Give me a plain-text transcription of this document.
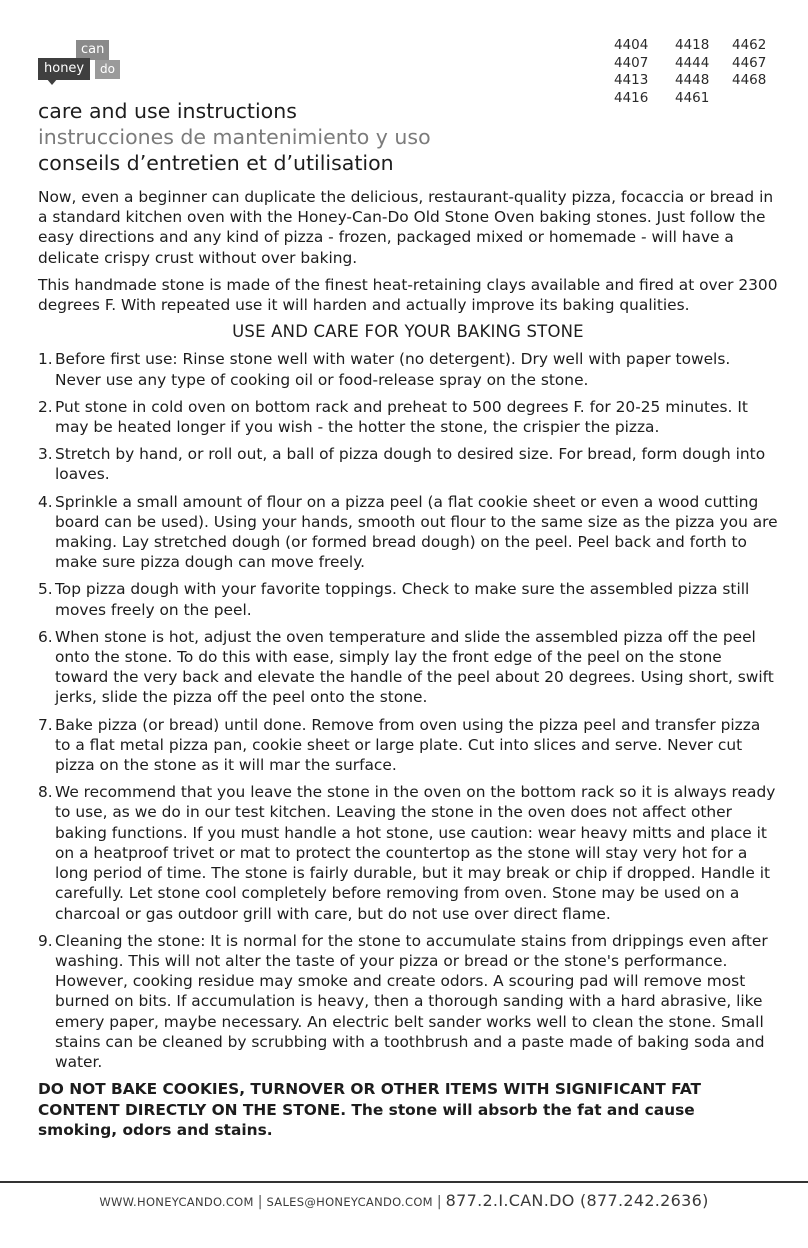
can
honey	do
4404	4418	4462
4407	4444	4467
4413	4448	4468
4416	4461
care and use instructions
instrucciones de mantenimiento y uso
conseils d’entretien et d’utilisation

Now, even a beginner can duplicate the delicious, restaurant-quality pizza, focaccia or bread in a standard kitchen oven with the Honey-Can-Do Old Stone Oven baking stones. Just follow the easy directions and any kind of pizza - frozen, packaged mixed or homemade - will have a delicate crispy crust without over baking.

This handmade stone is made of the finest heat-retaining clays available and fired at over 2300 degrees F. With repeated use it will harden and actually improve its baking qualities.

USE AND CARE FOR YOUR BAKING STONE
1. Before first use: Rinse stone well with water (no detergent). Dry well with paper towels. Never use any type of cooking oil or food-release spray on the stone.
2. Put stone in cold oven on bottom rack and preheat to 500 degrees F. for 20-25 minutes. It may be heated longer if you wish - the hotter the stone, the crispier the pizza.
3. Stretch by hand, or roll out, a ball of pizza dough to desired size. For bread, form dough into loaves.
4. Sprinkle a small amount of flour on a pizza peel (a flat cookie sheet or even a wood cutting board can be used). Using your hands, smooth out flour to the same size as the pizza you are making. Lay stretched dough (or formed bread dough) on the peel. Peel back and forth to make sure pizza dough can move freely.
5. Top pizza dough with your favorite toppings. Check to make sure the assembled pizza still moves freely on the peel.
6. When stone is hot, adjust the oven temperature and slide the assembled pizza off the peel onto the stone. To do this with ease, simply lay the front edge of the peel on the stone toward the very back and elevate the handle of the peel about 20 degrees. Using short, swift jerks, slide the pizza off the peel onto the stone.
7. Bake pizza (or bread) until done. Remove from oven using the pizza peel and transfer pizza to a flat metal pizza pan, cookie sheet or large plate. Cut into slices and serve. Never cut pizza on the stone as it will mar the surface.
8. We recommend that you leave the stone in the oven on the bottom rack so it is always ready to use, as we do in our test kitchen. Leaving the stone in the oven does not affect other baking functions. If you must handle a hot stone, use caution: wear heavy mitts and place it on a heatproof trivet or mat to protect the countertop as the stone will stay very hot for a long period of time. The stone is fairly durable, but it may break or chip if dropped. Handle it carefully. Let stone cool completely before removing from oven. Stone may be used on a charcoal or gas outdoor grill with care, but do not use over direct flame.
9. Cleaning the stone: It is normal for the stone to accumulate stains from drippings even after washing. This will not alter the taste of your pizza or bread or the stone's performance. However, cooking residue may smoke and create odors. A scouring pad will remove most burned on bits. If accumulation is heavy, then a thorough sanding with a hard abrasive, like emery paper, maybe necessary. An electric belt sander works well to clean the stone. Small stains can be cleaned by scrubbing with a toothbrush and a paste made of baking soda and water.
DO NOT BAKE COOKIES, TURNOVER OR OTHER ITEMS WITH SIGNIFICANT FAT CONTENT DIRECTLY ON THE STONE. The stone will absorb the fat and cause smoking, odors and stains.
WWW.HONEYCANDO.COM | SALES@HONEYCANDO.COM | 877.2.I.CAN.DO (877.242.2636)
